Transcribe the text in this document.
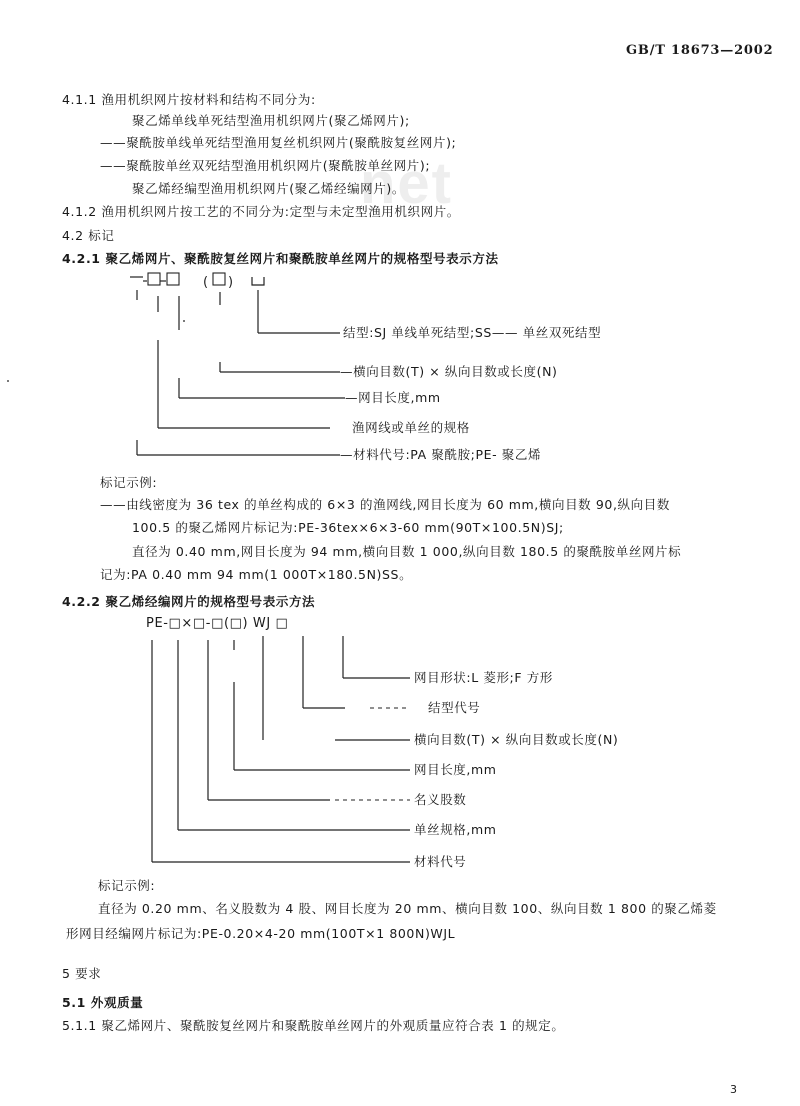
net
GB/T 18673—2002
4.1.1 渔用机织网片按材料和结构不同分为:
聚乙烯单线单死结型渔用机织网片(聚乙烯网片);
——聚酰胺单线单死结型渔用复丝机织网片(聚酰胺复丝网片);
——聚酰胺单丝双死结型渔用机织网片(聚酰胺单丝网片);
聚乙烯经编型渔用机织网片(聚乙烯经编网片)。
4.1.2 渔用机织网片按工艺的不同分为:定型与未定型渔用机织网片。
4.2 标记
4.2.1 聚乙烯网片、聚酰胺复丝网片和聚酰胺单丝网片的规格型号表示方法
( )
结型:SJ 单线单死结型;SS—— 单丝双死结型
—横向目数(T) × 纵向目数或长度(N)
—网目长度,mm
渔网线或单丝的规格
—材料代号:PA 聚酰胺;PE- 聚乙烯
标记示例:
——由线密度为 36 tex 的单丝构成的 6×3 的渔网线,网目长度为 60 mm,横向目数 90,纵向目数
100.5 的聚乙烯网片标记为:PE-36tex×6×3-60 mm(90T×100.5N)SJ;
直径为 0.40 mm,网目长度为 94 mm,横向目数 1 000,纵向目数 180.5 的聚酰胺单丝网片标
记为:PA 0.40 mm 94 mm(1 000T×180.5N)SS。
4.2.2 聚乙烯经编网片的规格型号表示方法
PE-□×□-□(□) WJ □
网目形状:L 菱形;F 方形
结型代号
横向目数(T) × 纵向目数或长度(N)
网目长度,mm
名义股数
单丝规格,mm
材料代号
标记示例:
直径为 0.20 mm、名义股数为 4 股、网目长度为 20 mm、横向目数 100、纵向目数 1 800 的聚乙烯菱
形网目经编网片标记为:PE-0.20×4-20 mm(100T×1 800N)WJL
5 要求
5.1 外观质量
5.1.1 聚乙烯网片、聚酰胺复丝网片和聚酰胺单丝网片的外观质量应符合表 1 的规定。
3
